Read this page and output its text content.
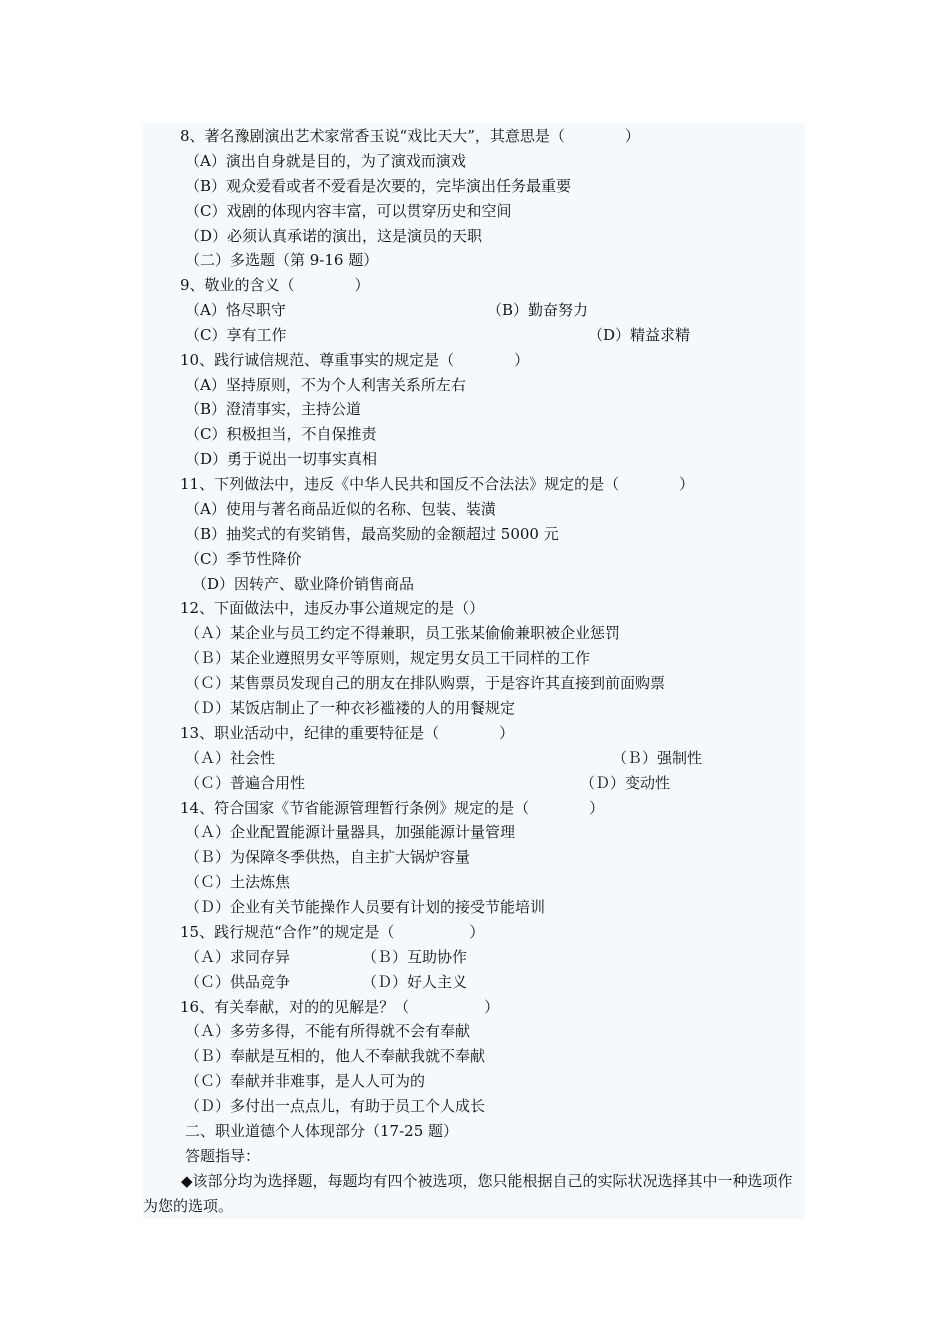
8、著名豫剧演出艺术家常香玉说“戏比天大”，其意思是（　　　　）
（A）演出自身就是目的，为了演戏而演戏
（B）观众爱看或者不爱看是次要的，完毕演出任务最重要
（C）戏剧的体现内容丰富，可以贯穿历史和空间
（D）必须认真承诺的演出，这是演员的天职
（二）多选题（第 9-16 题）
9、敬业的含义（　　　　）
（A）恪尽职守	（B）勤奋努力
（C）享有工作	（D）精益求精
10、践行诚信规范、尊重事实的规定是（　　　　）
（A）坚持原则，不为个人利害关系所左右
（B）澄清事实，主持公道
（C）积极担当，不自保推责
（D）勇于说出一切事实真相
11、下列做法中，违反《中华人民共和国反不合法法》规定的是（　　　　）
（A）使用与著名商品近似的名称、包装、装潢
（B）抽奖式的有奖销售，最高奖励的金额超过 5000 元
（C）季节性降价
（D）因转产、歇业降价销售商品
12、下面做法中，违反办事公道规定的是（）
（Ａ）某企业与员工约定不得兼职，员工张某偷偷兼职被企业惩罚
（Ｂ）某企业遵照男女平等原则，规定男女员工干同样的工作
（Ｃ）某售票员发现自己的朋友在排队购票，于是容许其直接到前面购票
（Ｄ）某饭店制止了一种衣衫褴褛的人的用餐规定
13、职业活动中，纪律的重要特征是（　　　　）
（Ａ）社会性	（Ｂ）强制性
（Ｃ）普遍合用性	（Ｄ）变动性
14、符合国家《节省能源管理暂行条例》规定的是（　　　　）
（Ａ）企业配置能源计量器具，加强能源计量管理
（Ｂ）为保障冬季供热，自主扩大锅炉容量
（Ｃ）土法炼焦
（Ｄ）企业有关节能操作人员要有计划的接受节能培训
15、践行规范“合作”的规定是（　　　　　）
（Ａ）求同存异	（Ｂ）互助协作
（Ｃ）供品竞争	（Ｄ）好人主义
16、有关奉献，对的的见解是？（　　　　　）
（Ａ）多劳多得，不能有所得就不会有奉献
（Ｂ）奉献是互相的，他人不奉献我就不奉献
（Ｃ）奉献并非难事，是人人可为的
（Ｄ）多付出一点点儿，有助于员工个人成长
二、职业道德个人体现部分（17-25 题）
答题指导：
◆该部分均为选择题，每题均有四个被选项，您只能根据自己的实际状况选择其中一种选项作为您的选项。
